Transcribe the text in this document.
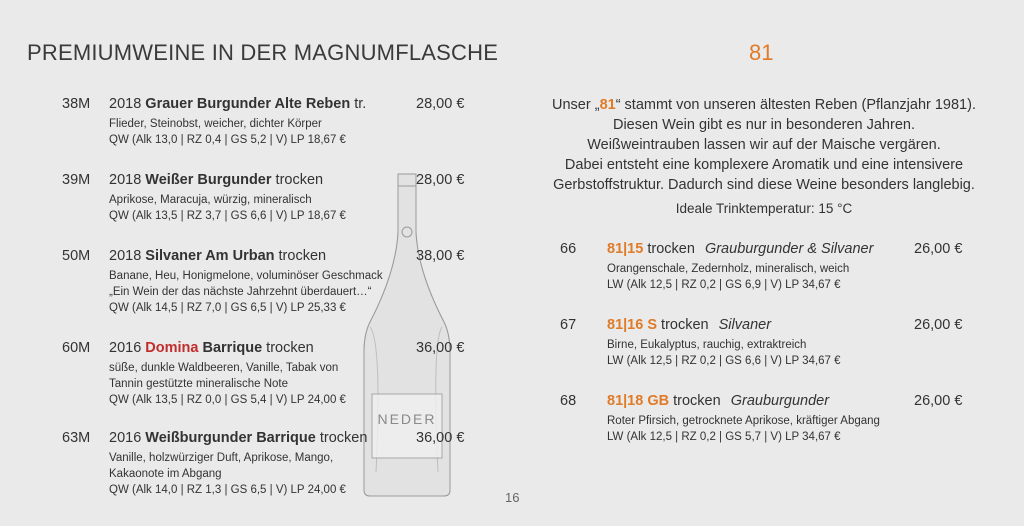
PREMIUMWEINE IN DER MAGNUMFLASCHE	81
NEDER
38M 2018 Grauer Burgunder Alte Reben tr.	28,00 €
Flieder, Steinobst, weicher, dichter Körper
QW (Alk 13,0 | RZ 0,4 | GS 5,2 | V) LP 18,67 €
39M 2018 Weißer Burgunder trocken	28,00 €
Aprikose, Maracuja, würzig, mineralisch
QW (Alk 13,5 | RZ 3,7 | GS 6,6 | V) LP 18,67 €
50M 2018 Silvaner Am Urban trocken	38,00 €
Banane, Heu, Honigmelone, voluminöser Geschmack
„Ein Wein der das nächste Jahrzehnt überdauert…“
QW (Alk 14,5 | RZ 7,0 | GS 6,5 | V) LP 25,33 €
60M 2016 Domina Barrique trocken	36,00 €
süße, dunkle Waldbeeren, Vanille, Tabak von
Tannin gestützte mineralische Note
QW (Alk 13,5 | RZ 0,0 | GS 5,4 | V) LP 24,00 €
63M 2016 Weißburgunder Barrique trocken	36,00 €
Vanille, holzwürziger Duft, Aprikose, Mango,
Kakaonote im Abgang
QW (Alk 14,0 | RZ 1,3 | GS 6,5 | V) LP 24,00 €	16
Unser „81“ stammt von unseren ältesten Reben (Pflanzjahr 1981).
Diesen Wein gibt es nur in besonderen Jahren.
Weißweintrauben lassen wir auf der Maische vergären.
Dabei entsteht eine komplexere Aromatik und eine intensivere
Gerbstoffstruktur. Dadurch sind diese Weine besonders langlebig.
Ideale Trinktemperatur: 15 °C
66 81|15 trocken Grauburgunder & Silvaner	26,00 €
Orangenschale, Zedernholz, mineralisch, weich
LW (Alk 12,5 | RZ 0,2 | GS 6,9 | V) LP 34,67 €
67 81|16 S trocken Silvaner	26,00 €
Birne, Eukalyptus, rauchig, extraktreich
LW (Alk 12,5 | RZ 0,2 | GS 6,6 | V) LP 34,67 €
68 81|18 GB trocken Grauburgunder	26,00 €
Roter Pfirsich, getrocknete Aprikose, kräftiger Abgang
LW (Alk 12,5 | RZ 0,2 | GS 5,7 | V) LP 34,67 €
